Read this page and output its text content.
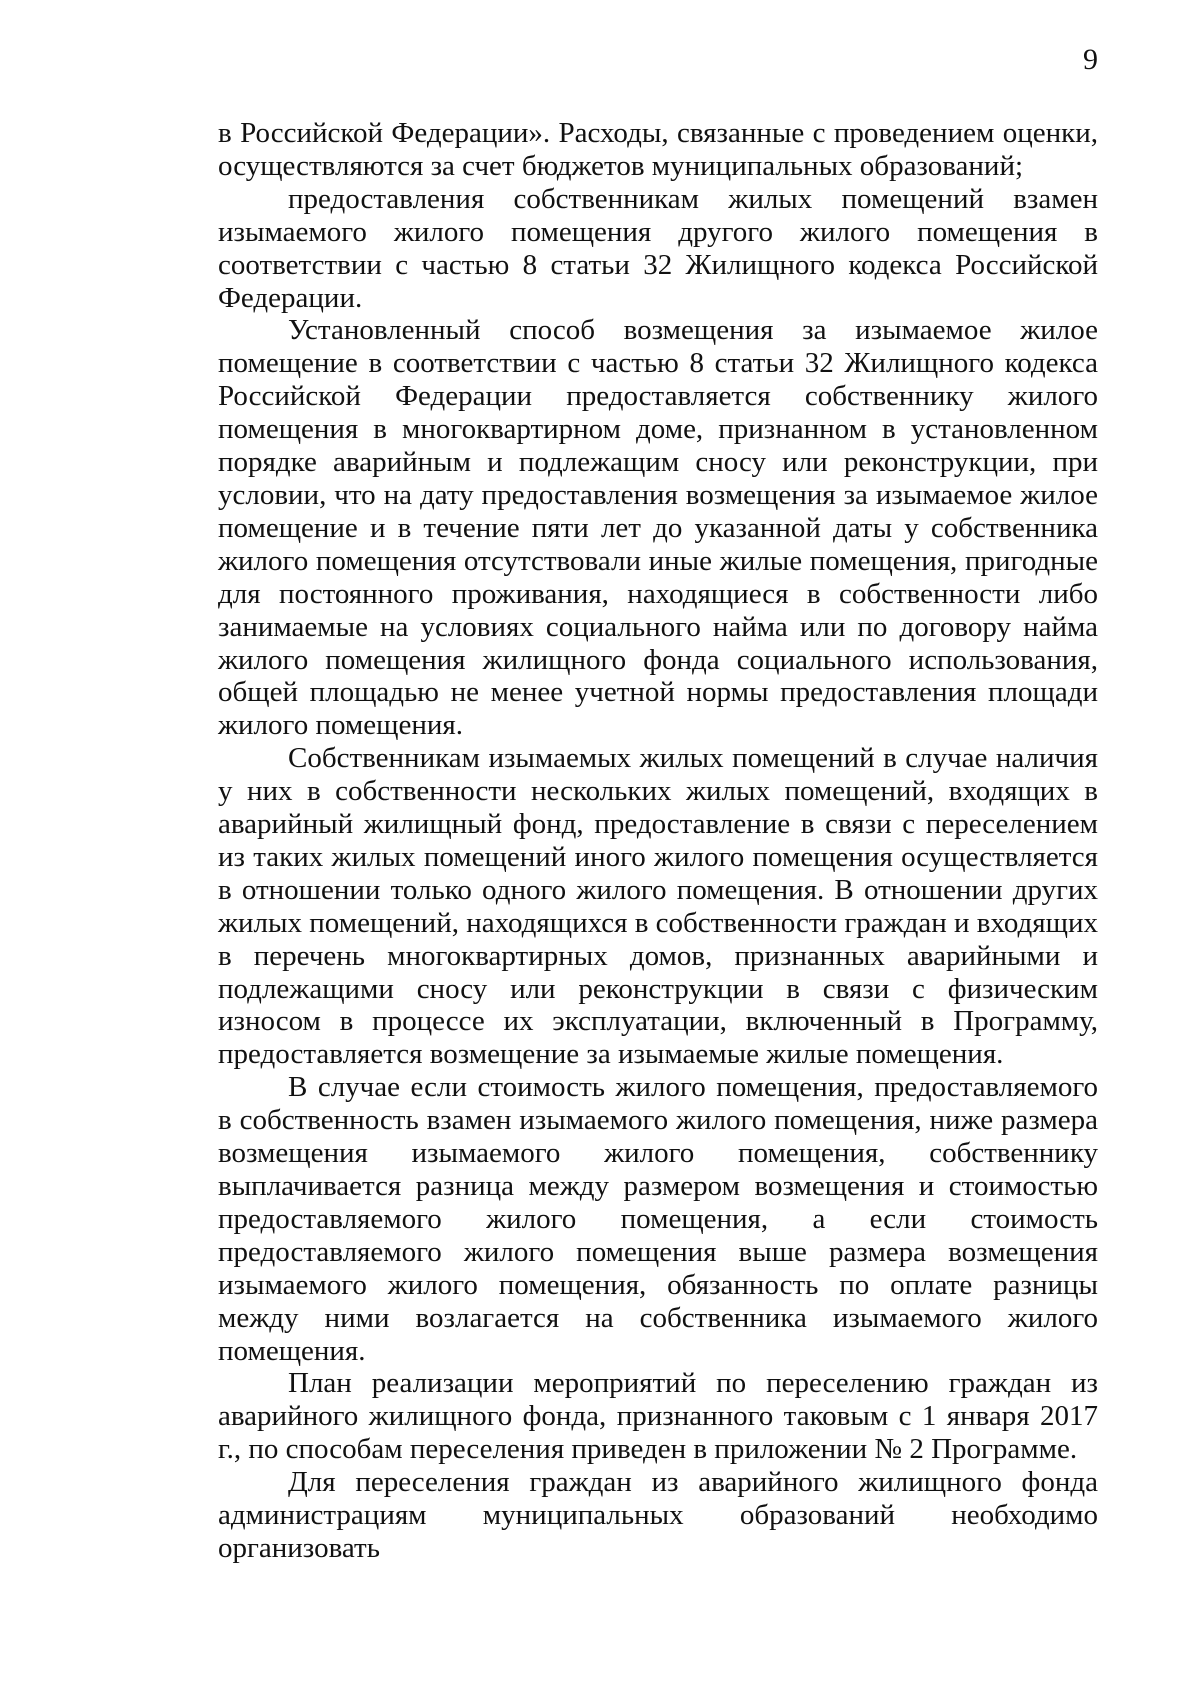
9

в Российской Федерации». Расходы, связанные с проведением оценки, осуществляются за счет бюджетов муниципальных образований;

предоставления собственникам жилых помещений взамен изымаемого жилого помещения другого жилого помещения в соответствии с частью 8 статьи 32 Жилищного кодекса Российской Федерации.

Установленный способ возмещения за изымаемое жилое помещение в соответствии с частью 8 статьи 32 Жилищного кодекса Российской Федерации предоставляется собственнику жилого помещения в многоквартирном доме, признанном в установленном порядке аварийным и подлежащим сносу или реконструкции, при условии, что на дату предоставления возмещения за изымаемое жилое помещение и в течение пяти лет до указанной даты у собственника жилого помещения отсутствовали иные жилые помещения, пригодные для постоянного проживания, находящиеся в собственности либо занимаемые на условиях социального найма или по договору найма жилого помещения жилищного фонда социального использования, общей площадью не менее учетной нормы предоставления площади жилого помещения.

Собственникам изымаемых жилых помещений в случае наличия у них в собственности нескольких жилых помещений, входящих в аварийный жилищный фонд, предоставление в связи с переселением из таких жилых помещений иного жилого помещения осуществляется в отношении только одного жилого помещения. В отношении других жилых помещений, находящихся в собственности граждан и входящих в перечень многоквартирных домов, признанных аварийными и подлежащими сносу или реконструкции в связи с физическим износом в процессе их эксплуатации, включенный в Программу, предоставляется возмещение за изымаемые жилые помещения.

В случае если стоимость жилого помещения, предоставляемого в собственность взамен изымаемого жилого помещения, ниже размера возмещения изымаемого жилого помещения, собственнику выплачивается разница между размером возмещения и стоимостью предоставляемого жилого помещения, а если стоимость предоставляемого жилого помещения выше размера возмещения изымаемого жилого помещения, обязанность по оплате разницы между ними возлагается на собственника изымаемого жилого помещения.

План реализации мероприятий по переселению граждан из аварийного жилищного фонда, признанного таковым с 1 января 2017 г., по способам переселения приведен в приложении № 2 Программе.

Для переселения граждан из аварийного жилищного фонда администрациям муниципальных образований необходимо организовать
